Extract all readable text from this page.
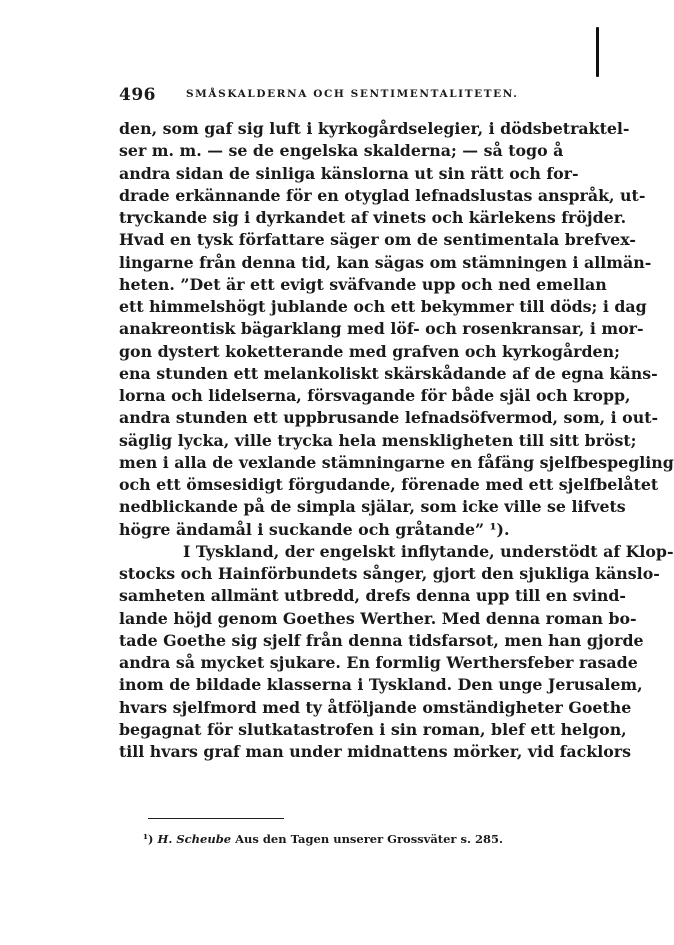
496	SMÅSKALDERNA OCH SENTIMENTALITETEN.
den, som gaf sig luft i kyrkogårdselegier, i dödsbetraktel-
ser m. m. — se de engelska skalderna; — så togo å
andra sidan de sinliga känslorna ut sin rätt och for-
drade erkännande för en otyglad lefnadslustas anspråk, ut-
tryckande sig i dyrkandet af vinets och kärlekens fröjder.
Hvad en tysk författare säger om de sentimentala brefvex-
lingarne från denna tid, kan sägas om stämningen i allmän-
heten. ”Det är ett evigt sväfvande upp och ned emellan
ett himmelshögt jublande och ett bekymmer till döds; i dag
anakreontisk bägarklang med löf- och rosenkransar, i mor-
gon dystert koketterande med grafven och kyrkogården;
ena stunden ett melankoliskt skärskådande af de egna käns-
lorna och lidelserna, försvagande för både själ och kropp,
andra stunden ett uppbrusande lefnadsöfvermod, som, i out-
säglig lycka, ville trycka hela menskligheten till sitt bröst;
men i alla de vexlande stämningarne en fåfäng sjelfbespegling
och ett ömsesidigt förgudande, förenade med ett sjelfbelåtet
nedblickande på de simpla själar, som icke ville se lifvets
högre ändamål i suckande och gråtande” ¹).
I Tyskland, der engelskt inflytande, understödt af Klop-
stocks och Hainförbundets sånger, gjort den sjukliga känslo-
samheten allmänt utbredd, drefs denna upp till en svind-
lande höjd genom Goethes Werther. Med denna roman bo-
tade Goethe sig sjelf från denna tidsfarsot, men han gjorde
andra så mycket sjukare. En formlig Werthersfeber rasade
inom de bildade klasserna i Tyskland. Den unge Jerusalem,
hvars sjelfmord med ty åtföljande omständigheter Goethe
begagnat för slutkatastrofen i sin roman, blef ett helgon,
till hvars graf man under midnattens mörker, vid facklors
¹) H. Scheube Aus den Tagen unserer Grossväter s. 285.
